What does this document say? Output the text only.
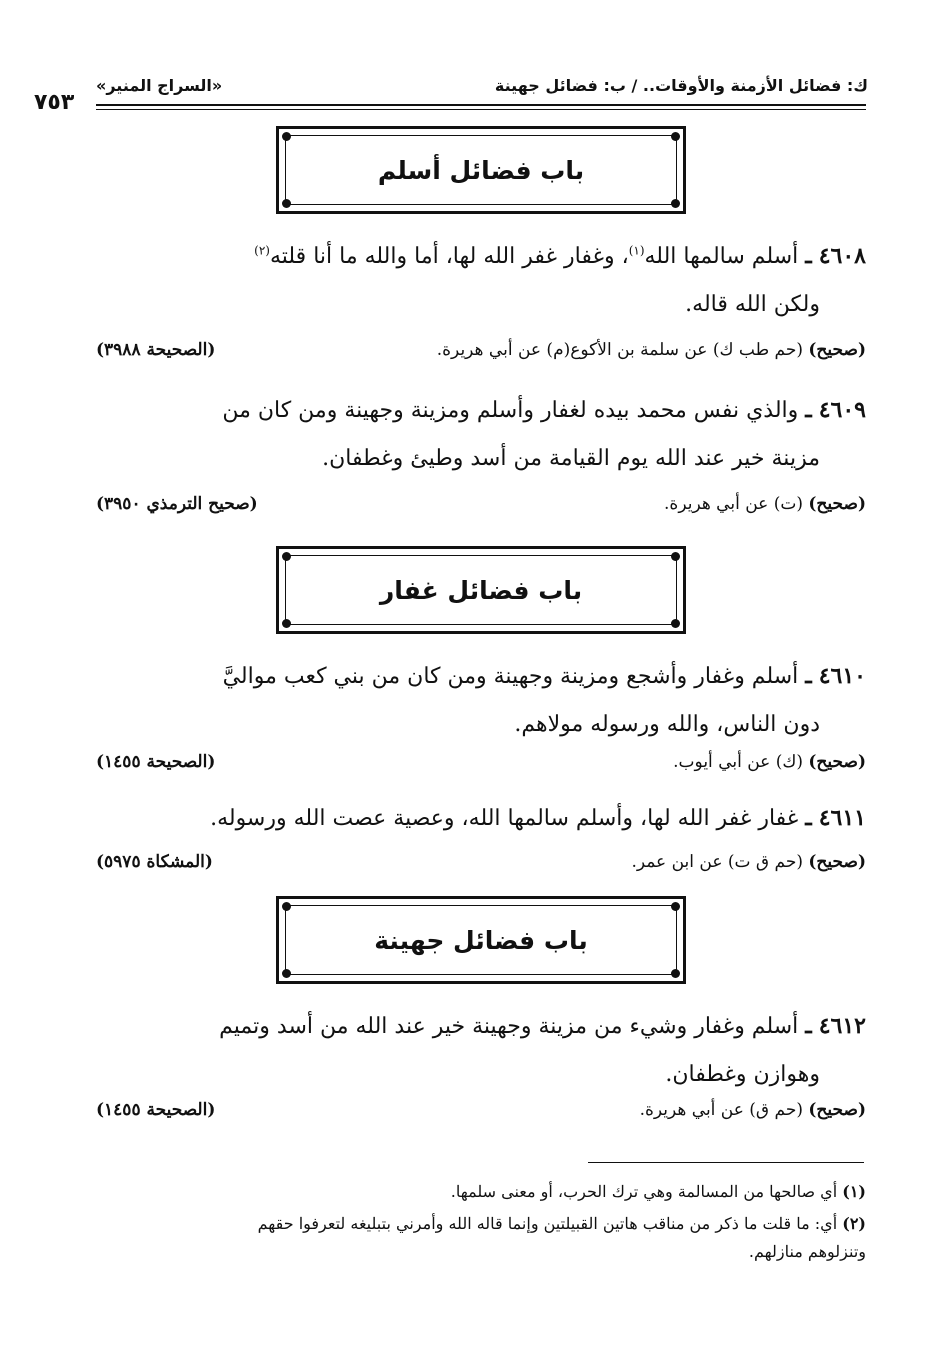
ك: فضائل الأزمنة والأوقات.. / ب: فضائل جهينة
«السراج المنير»
٧٥٣
باب فضائل أسلم
٤٦٠٨ ـ أسلم سالمها الله$^{(١)}$، وغفار غفر الله لها، أما والله ما أنا قلته$^{(٢)}$
ولكن الله قاله.
(صحيح) (حم طب ك) عن سلمة بن الأكوع(م) عن أبي هريرة.
(الصحيحة ٣٩٨٨)
٤٦٠٩ ـ والذي نفس محمد بيده لغفار وأسلم ومزينة وجهينة ومن كان من
مزينة خير عند الله يوم القيامة من أسد وطيئ وغطفان.
(صحيح) (ت) عن أبي هريرة.
(صحيح الترمذي ٣٩٥٠)
باب فضائل غفار
٤٦١٠ ـ أسلم وغفار وأشجع ومزينة وجهينة ومن كان من بني كعب مواليَّ
دون الناس، والله ورسوله مولاهم.
(صحيح) (ك) عن أبي أيوب.
(الصحيحة ١٤٥٥)
٤٦١١ ـ غفار غفر الله لها، وأسلم سالمها الله، وعصية عصت الله ورسوله.
(صحيح) (حم ق ت) عن ابن عمر.
(المشكاة ٥٩٧٥)
باب فضائل جهينة
٤٦١٢ ـ أسلم وغفار وشيء من مزينة وجهينة خير عند الله من أسد وتميم
وهوازن وغطفان.
(صحيح) (حم ق) عن أبي هريرة.
(الصحيحة ١٤٥٥)
(١) أي صالحها من المسالمة وهي ترك الحرب، أو معنى سلمها.
(٢) أي: ما قلت ما ذكر من مناقب هاتين القبيلتين وإنما قاله الله وأمرني بتبليغه لتعرفوا حقهم
وتنزلوهم منازلهم.
